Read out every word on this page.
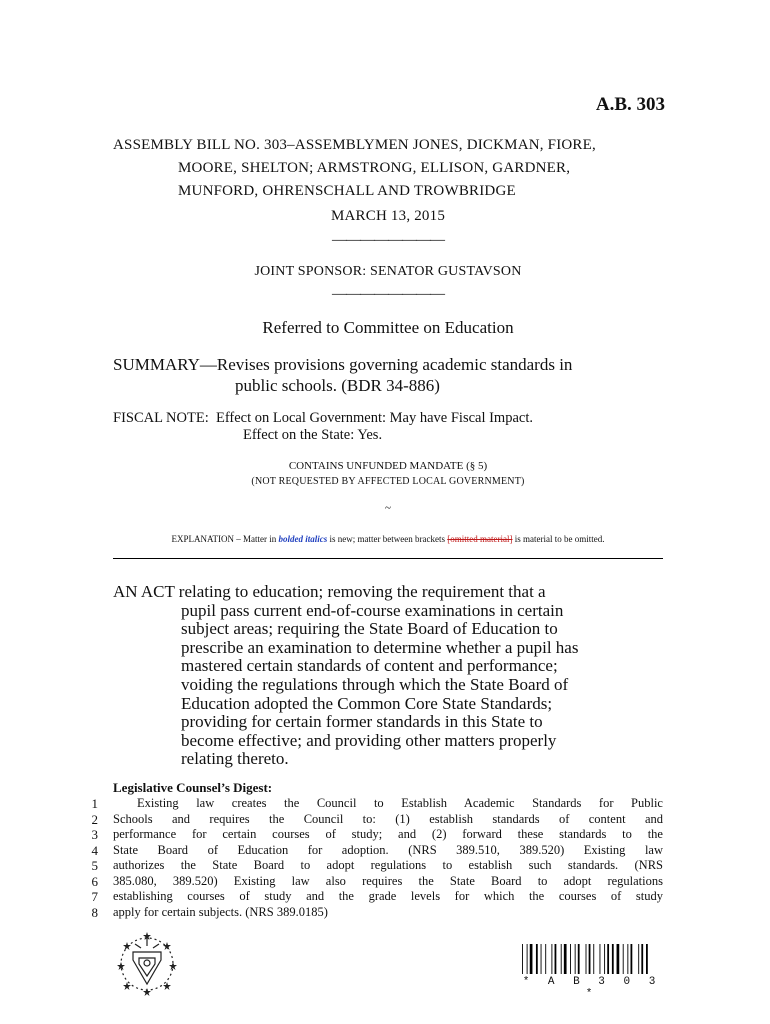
A.B. 303

ASSEMBLY BILL NO. 303–ASSEMBLYMEN JONES, DICKMAN, FIORE,

MOORE, SHELTON; ARMSTRONG, ELLISON, GARDNER,

MUNFORD, OHRENSCHALL AND TROWBRIDGE

MARCH 13, 2015
————————
JOINT SPONSOR: SENATOR GUSTAVSON
————————
Referred to Committee on Education
SUMMARY—Revises provisions governing academic standards in
public schools. (BDR 34-886)
FISCAL NOTE:  Effect on Local Government: May have Fiscal Impact.
Effect on the State: Yes.
CONTAINS UNFUNDED MANDATE (§ 5)
(NOT REQUESTED BY AFFECTED LOCAL GOVERNMENT)
~
EXPLANATION – Matter in bolded italics is new; matter between brackets [omitted material] is material to be omitted.

AN ACT relating to education; removing the requirement that a

pupil pass current end-of-course examinations in certain
subject areas; requiring the State Board of Education to
prescribe an examination to determine whether a pupil has
mastered certain standards of content and performance;
voiding the regulations through which the State Board of
Education adopted the Common Core State Standards;
providing for certain former standards in this State to
become effective; and providing other matters properly
relating thereto.
Legislative Counsel’s Digest:
1
2
3
4
5
6
7
8
Existing law creates the Council to Establish Academic Standards for Public
Schools and requires the Council to: (1) establish standards of content and
performance for certain courses of study; and (2) forward these standards to the
State Board of Education for adoption. (NRS 389.510, 389.520) Existing law
authorizes the State Board to adopt regulations to establish such standards. (NRS
385.080, 389.520) Existing law also requires the State Board to adopt regulations
establishing courses of study and the grade levels for which the courses of study
apply for certain subjects. (NRS 389.0185)
* A B 3 0 3 *
